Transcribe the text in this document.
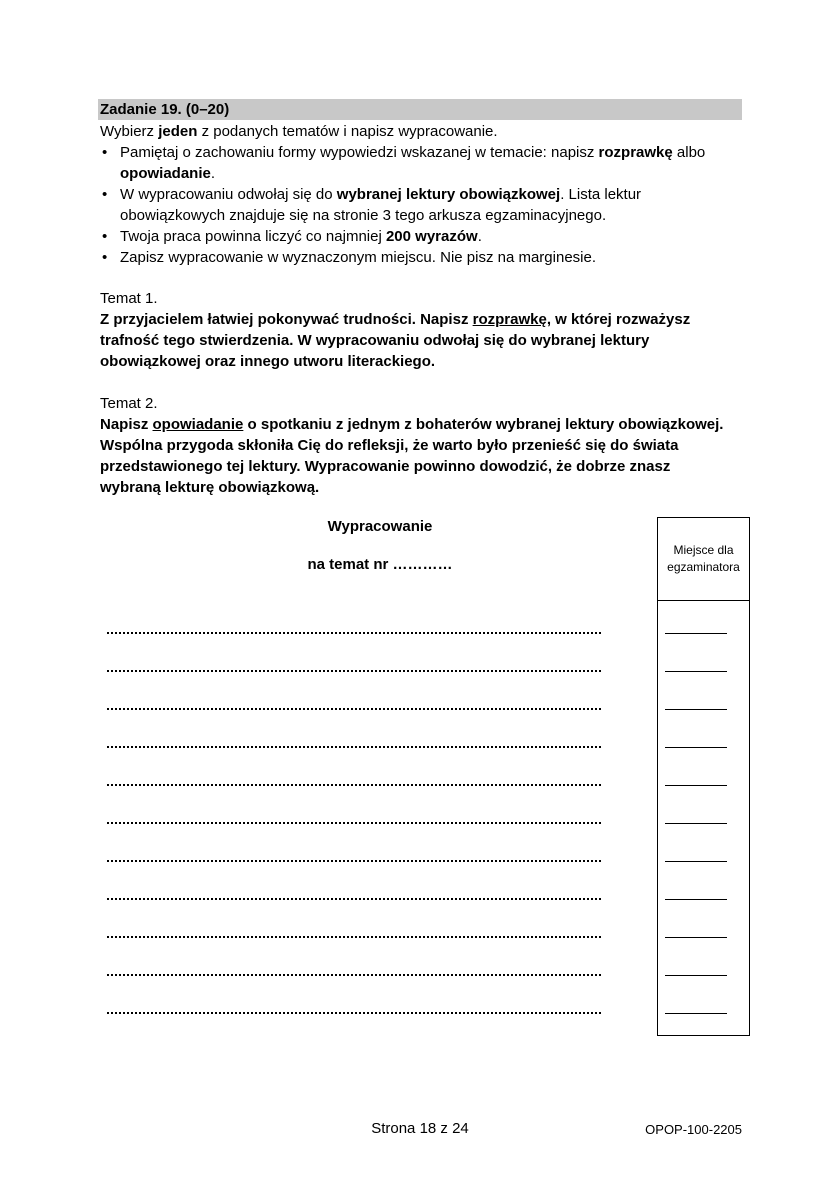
Zadanie 19. (0–20)
Wybierz jeden z podanych tematów i napisz wypracowanie.
• Pamiętaj o zachowaniu formy wypowiedzi wskazanej w temacie: napisz rozprawkę albo
opowiadanie.
• W wypracowaniu odwołaj się do wybranej lektury obowiązkowej. Lista lektur obowiązkowych znajduje się na stronie 3 tego arkusza egzaminacyjnego.
• Twoja praca powinna liczyć co najmniej 200 wyrazów.
• Zapisz wypracowanie w wyznaczonym miejscu. Nie pisz na marginesie.
Temat 1.
Z przyjacielem łatwiej pokonywać trudności. Napisz rozprawkę, w której rozważysz trafność tego stwierdzenia. W wypracowaniu odwołaj się do wybranej lektury obowiązkowej oraz innego utworu literackiego.
Temat 2.
Napisz opowiadanie o spotkaniu z jednym z bohaterów wybranej lektury obowiązkowej. Wspólna przygoda skłoniła Cię do refleksji, że warto było przenieść się do świata przedstawionego tej lektury. Wypracowanie powinno dowodzić, że dobrze znasz wybraną lekturę obowiązkową.
Wypracowanie
na temat nr …………
Miejsce dla egzaminatora
Strona 18 z 24	OPOP-100-2205
